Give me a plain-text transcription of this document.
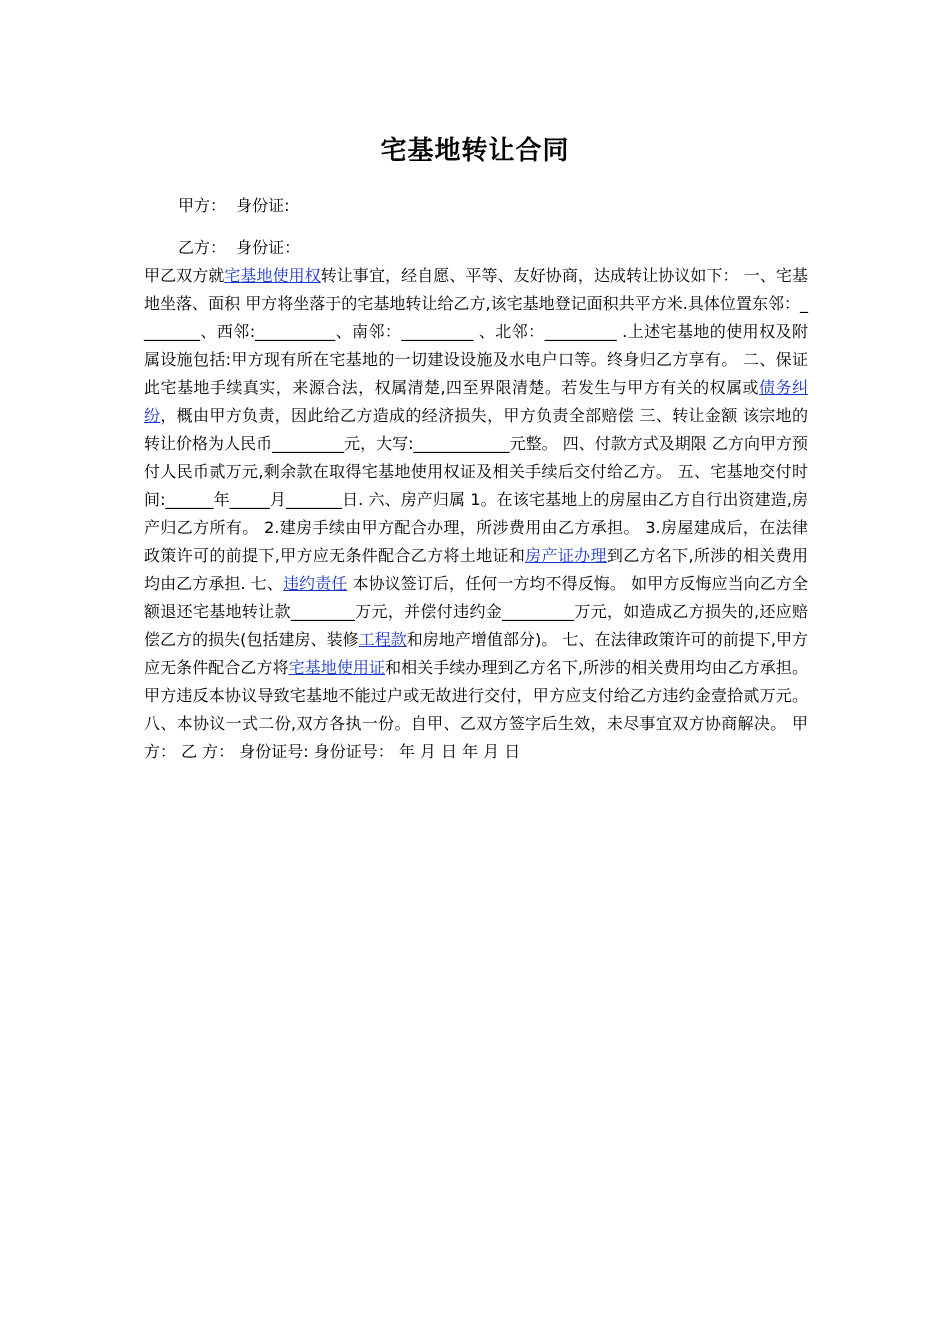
宅基地转让合同
甲方：  身份证:
乙方：  身份证：
甲乙双方就宅基地使用权转让事宜，经自愿、平等、友好协商，达成转让协议如下： 一、宅基地坐落、面积 甲方将坐落于的宅基地转让给乙方,该宅基地登记面积共平方米.具体位置东邻：________、西邻:__________、南邻：_________ 、北邻：_________ .上述宅基地的使用权及附属设施包括:甲方现有所在宅基地的一切建设设施及水电户口等。终身归乙方享有。 二、保证此宅基地手续真实，来源合法，权属清楚,四至界限清楚。若发生与甲方有关的权属或债务纠纷，概由甲方负责，因此给乙方造成的经济损失，甲方负责全部赔偿 三、转让金额 该宗地的转让价格为人民币_________元，大写:____________元整。 四、付款方式及期限 乙方向甲方预付人民币贰万元,剩余款在取得宅基地使用权证及相关手续后交付给乙方。 五、宅基地交付时间:______年_____月_______日. 六、房产归属 1。在该宅基地上的房屋由乙方自行出资建造,房产归乙方所有。 2.建房手续由甲方配合办理，所涉费用由乙方承担。 3.房屋建成后，在法律政策许可的前提下,甲方应无条件配合乙方将土地证和房产证办理到乙方名下,所涉的相关费用均由乙方承担. 七、违约责任 本协议签订后，任何一方均不得反悔。 如甲方反悔应当向乙方全额退还宅基地转让款________万元，并偿付违约金_________万元，如造成乙方损失的,还应赔偿乙方的损失(包括建房、装修工程款和房地产增值部分)。 七、在法律政策许可的前提下,甲方应无条件配合乙方将宅基地使用证和相关手续办理到乙方名下,所涉的相关费用均由乙方承担。甲方违反本协议导致宅基地不能过户或无故进行交付，甲方应支付给乙方违约金壹拾贰万元。 八、本协议一式二份,双方各执一份。自甲、乙双方签字后生效，未尽事宜双方协商解决。 甲 方： 乙 方： 身份证号: 身份证号： 年 月 日 年 月 日
